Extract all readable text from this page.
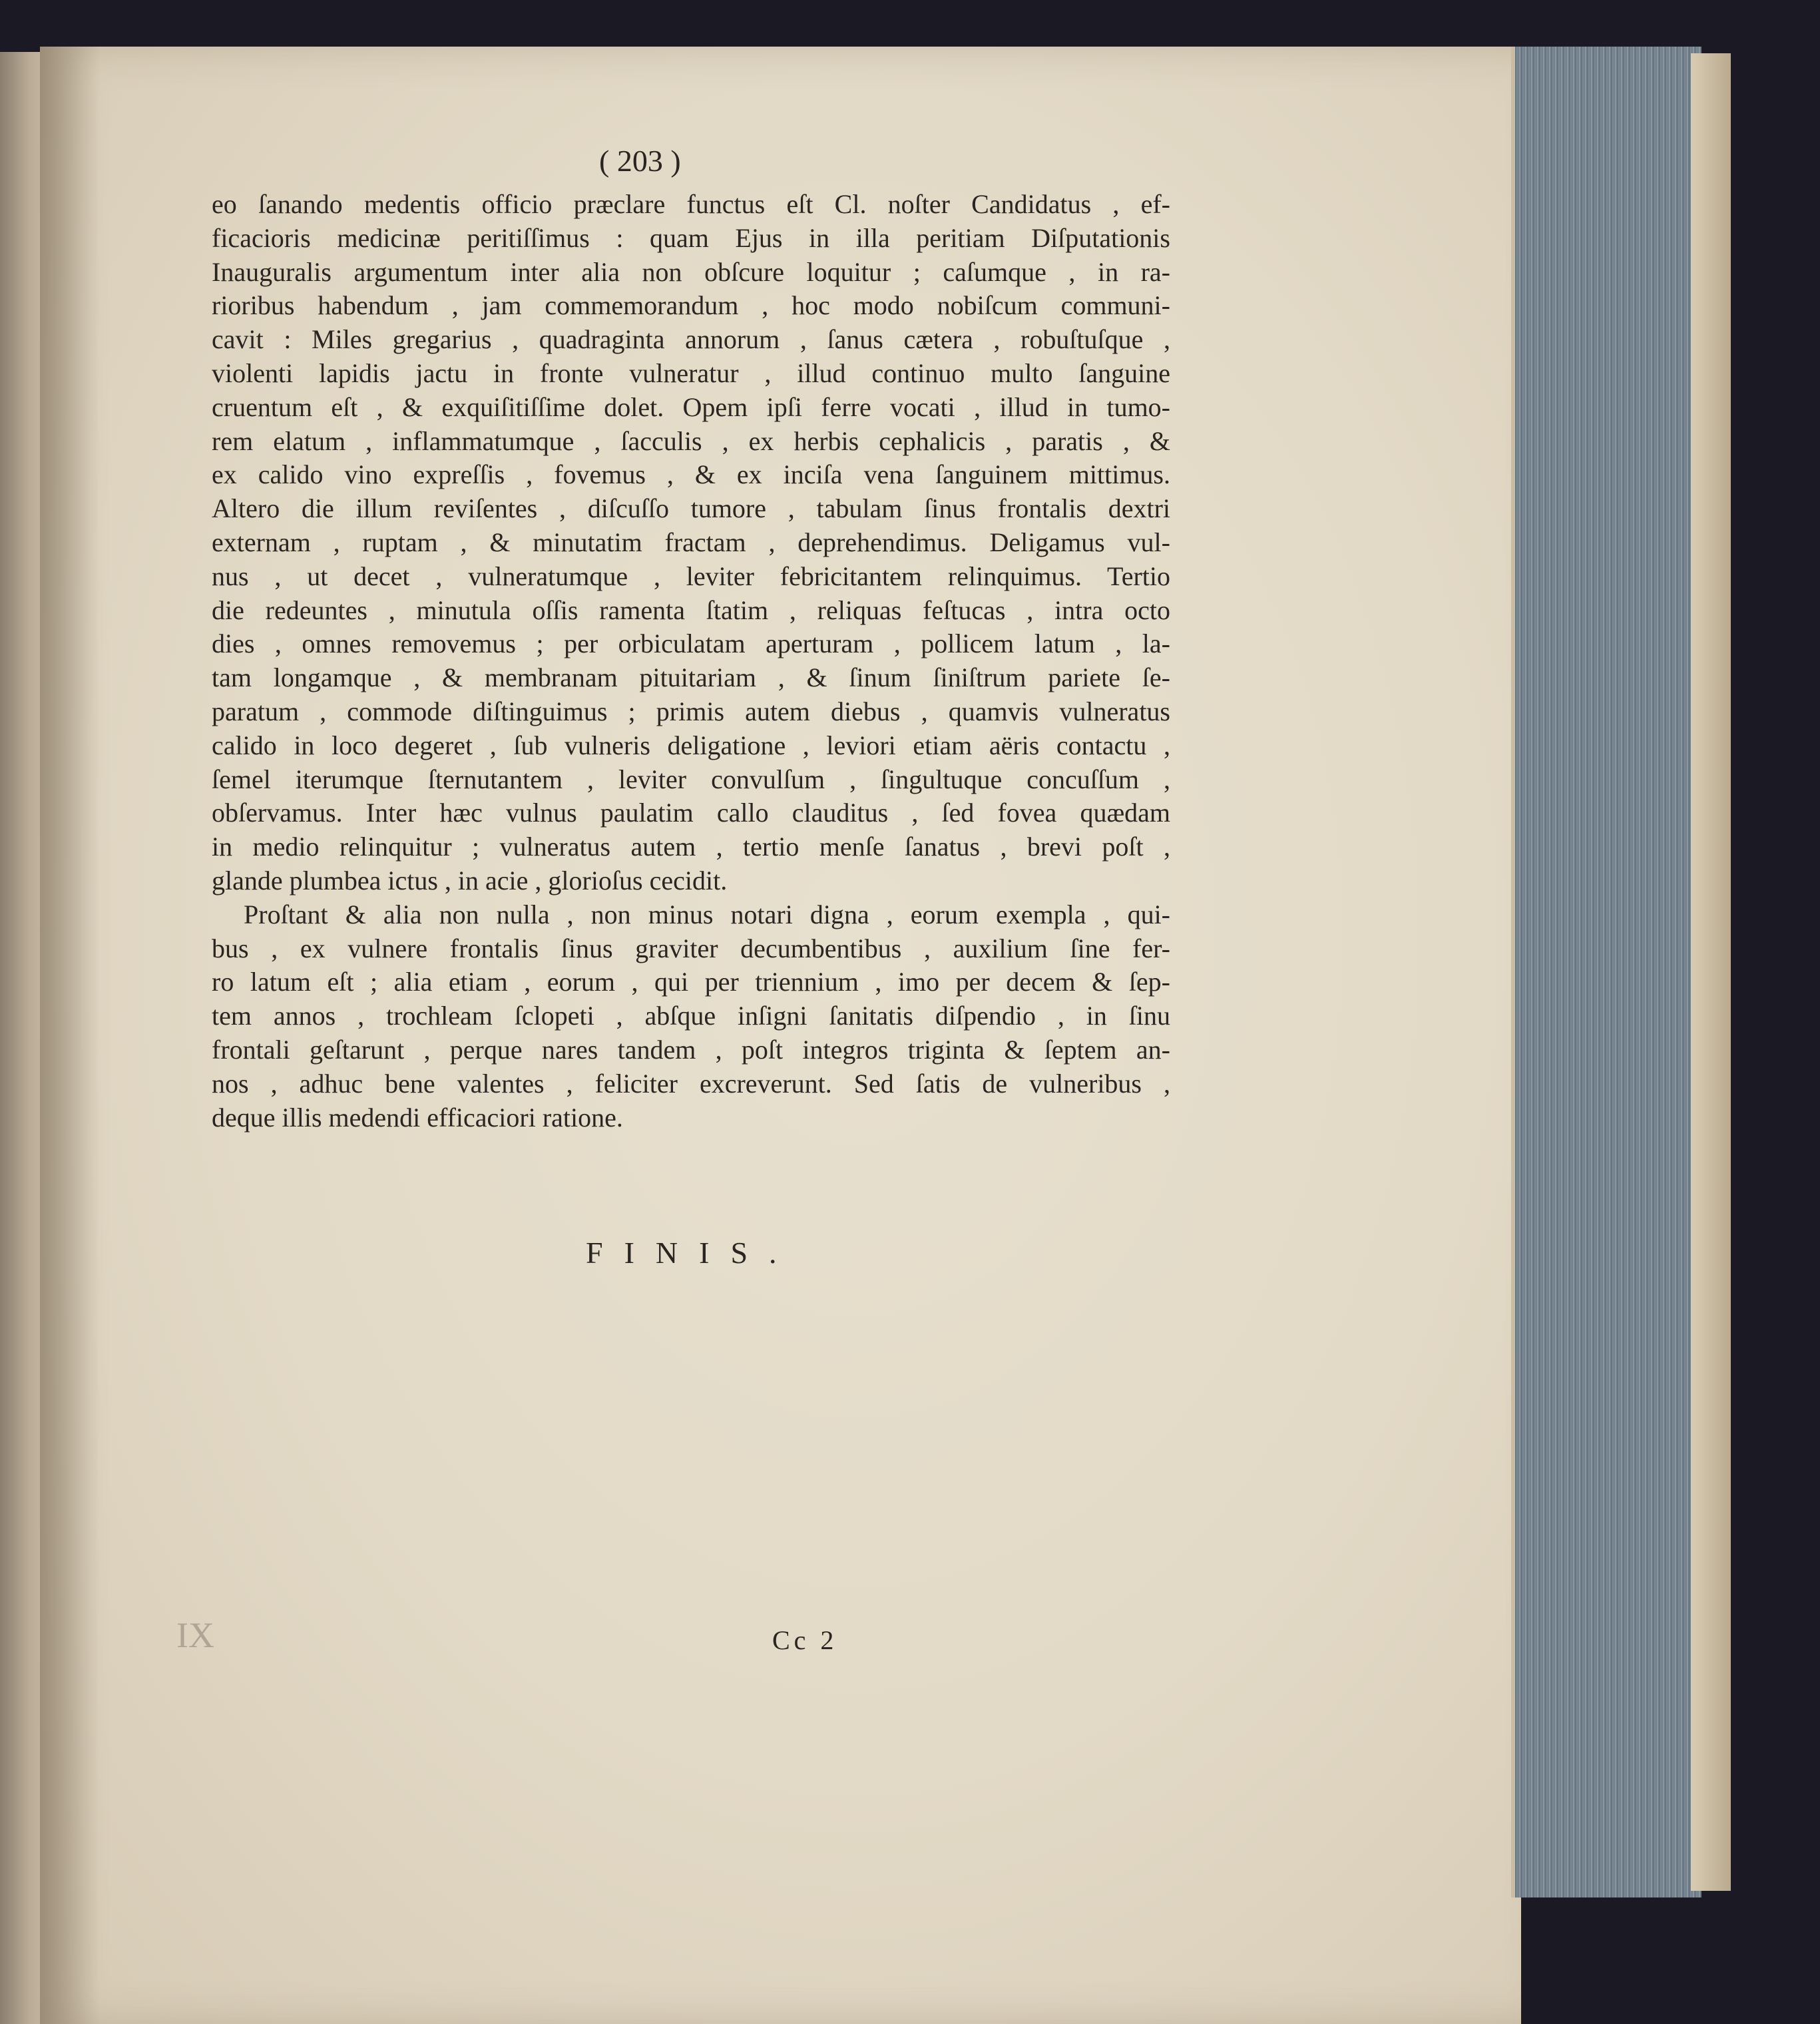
( 203 )
eo ſanando medentis officio præclare functus eſt Cl. noſter Candidatus , ef-
ficacioris medicinæ peritiſſimus : quam Ejus in illa peritiam Diſputationis
Inauguralis argumentum inter alia non obſcure loquitur ; caſumque , in ra-
rioribus habendum , jam commemorandum , hoc modo nobiſcum communi-
cavit : Miles gregarius , quadraginta annorum , ſanus cætera , robuſtuſque ,
violenti lapidis jactu in fronte vulneratur , illud continuo multo ſanguine
cruentum eſt , & exquiſitiſſime dolet. Opem ipſi ferre vocati , illud in tumo-
rem elatum , inflammatumque , ſacculis , ex herbis cephalicis , paratis , &
ex calido vino expreſſis , fovemus , & ex inciſa vena ſanguinem mittimus.
Altero die illum reviſentes , diſcuſſo tumore , tabulam ſinus frontalis dextri
externam , ruptam , & minutatim fractam , deprehendimus. Deligamus vul-
nus , ut decet , vulneratumque , leviter febricitantem relinquimus. Tertio
die redeuntes , minutula oſſis ramenta ſtatim , reliquas feſtucas , intra octo
dies , omnes removemus ; per orbiculatam aperturam , pollicem latum , la-
tam longamque , & membranam pituitariam , & ſinum ſiniſtrum pariete ſe-
paratum , commode diſtinguimus ; primis autem diebus , quamvis vulneratus
calido in loco degeret , ſub vulneris deligatione , leviori etiam aëris contactu ,
ſemel iterumque ſternutantem , leviter convulſum , ſingultuque concuſſum ,
obſervamus. Inter hæc vulnus paulatim callo clauditus , ſed fovea quædam
in medio relinquitur ; vulneratus autem , tertio menſe ſanatus , brevi poſt ,
glande plumbea ictus , in acie , glorioſus cecidit.
Proſtant & alia non nulla , non minus notari digna , eorum exempla , qui-
bus , ex vulnere frontalis ſinus graviter decumbentibus , auxilium ſine fer-
ro latum eſt ; alia etiam , eorum , qui per triennium , imo per decem & ſep-
tem annos , trochleam ſclopeti , abſque inſigni ſanitatis diſpendio , in ſinu
frontali geſtarunt , perque nares tandem , poſt integros triginta & ſeptem an-
nos , adhuc bene valentes , feliciter excreverunt. Sed ſatis de vulneribus ,
deque illis medendi efficaciori ratione.
FINIS.
Cc 2
IX
